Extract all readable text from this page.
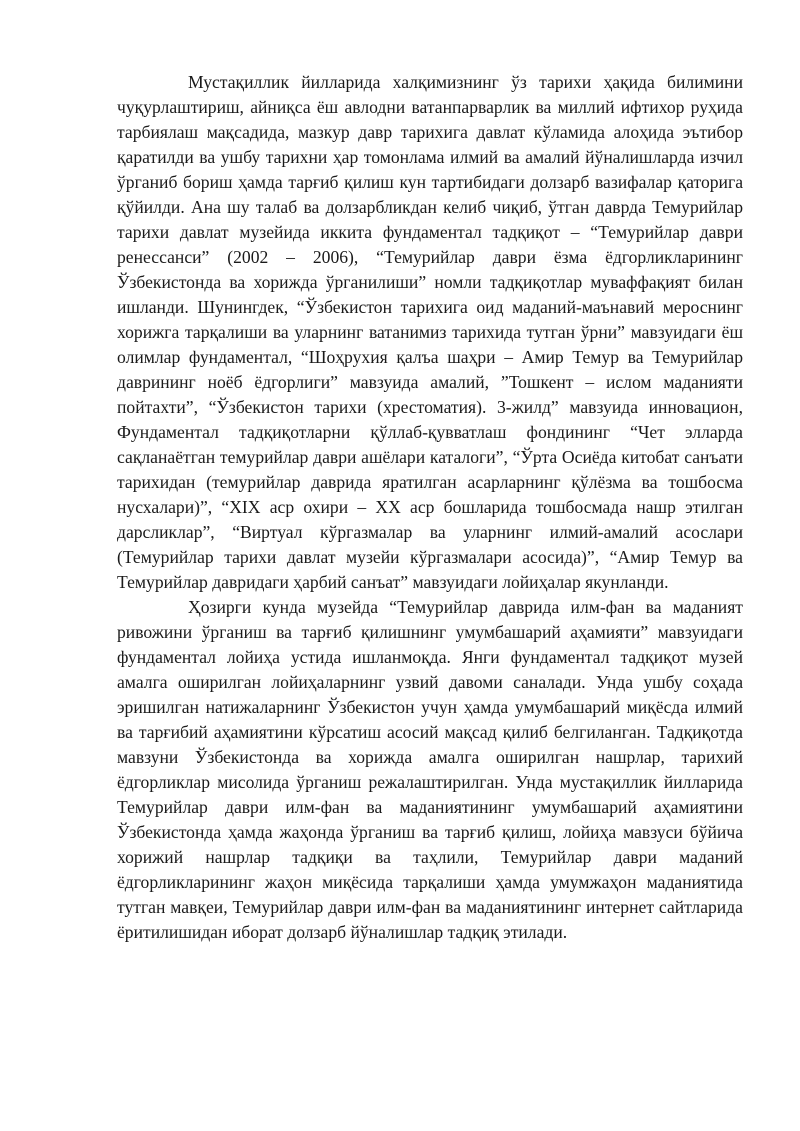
Мустақиллик йилларида халқимизнинг ўз тарихи ҳақида билимини чуқурлаштириш, айниқса ёш авлодни ватанпарварлик ва миллий ифтихор руҳида тарбиялаш мақсадида, мазкур давр тарихига давлат кўламида алоҳида эътибор қаратилди ва ушбу тарихни ҳар томонлама илмий ва амалий йўналишларда изчил ўрганиб бориш ҳамда тарғиб қилиш кун тартибидаги долзарб вазифалар қаторига қўйилди. Ана шу талаб ва долзарбликдан келиб чиқиб, ўтган даврда Темурийлар тарихи давлат музейида иккита фундаментал тадқиқот – “Темурийлар даври ренессанси” (2002 – 2006), “Темурийлар даври ёзма ёдгорликларининг Ўзбекистонда ва хорижда ўрганилиши” номли тадқиқотлар муваффақият билан ишланди. Шунингдек, “Ўзбекистон тарихига оид маданий-маънавий мероснинг хорижга тарқалиши ва уларнинг ватанимиз тарихида тутган ўрни” мавзуидаги ёш олимлар фундаментал, “Шоҳрухия қалъа шаҳри – Амир Темур ва Темурийлар даврининг ноёб ёдгорлиги” мавзуида амалий, ”Тошкент – ислом маданияти пойтахти”, “Ўзбекистон тарихи (хрестоматия). 3-жилд” мавзуида инновацион, Фундаментал тадқиқотларни қўллаб-қувватлаш фондининг “Чет элларда сақланаётган темурийлар даври ашёлари каталоги”, “Ўрта Осиёда китобат санъати тарихидан (темурийлар даврида яратилган асарларнинг қўлёзма ва тошбосма нусхалари)”, “XIX аср охири – XX аср бошларида тошбосмада нашр этилган дарсликлар”, “Виртуал кўргазмалар ва уларнинг илмий-амалий асослари (Темурийлар тарихи давлат музейи кўргазмалари асосида)”, “Амир Темур ва Темурийлар давридаги ҳарбий санъат” мавзуидаги лойиҳалар якунланди.

Ҳозирги кунда музейда “Темурийлар даврида илм-фан ва маданият ривожини ўрганиш ва тарғиб қилишнинг умумбашарий аҳамияти” мавзуидаги фундаментал лойиҳа устида ишланмоқда. Янги фундаментал тадқиқот музей амалга оширилган лойиҳаларнинг узвий давоми саналади. Унда ушбу соҳада эришилган натижаларнинг Ўзбекистон учун ҳамда умумбашарий миқёсда илмий ва тарғибий аҳамиятини кўрсатиш асосий мақсад қилиб белгиланган. Тадқиқотда мавзуни Ўзбекистонда ва хорижда амалга оширилган нашрлар, тарихий ёдгорликлар мисолида ўрганиш режалаштирилган. Унда мустақиллик йилларида Темурийлар даври илм-фан ва маданиятининг умумбашарий аҳамиятини Ўзбекистонда ҳамда жаҳонда ўрганиш ва тарғиб қилиш, лойиҳа мавзуси бўйича хорижий нашрлар тадқиқи ва таҳлили, Темурийлар даври маданий ёдгорликларининг жаҳон миқёсида тарқалиши ҳамда умумжаҳон маданиятида тутган мавқеи, Темурийлар даври илм-фан ва маданиятининг интернет сайтларида ёритилишидан иборат долзарб йўналишлар тадқиқ этилади.
